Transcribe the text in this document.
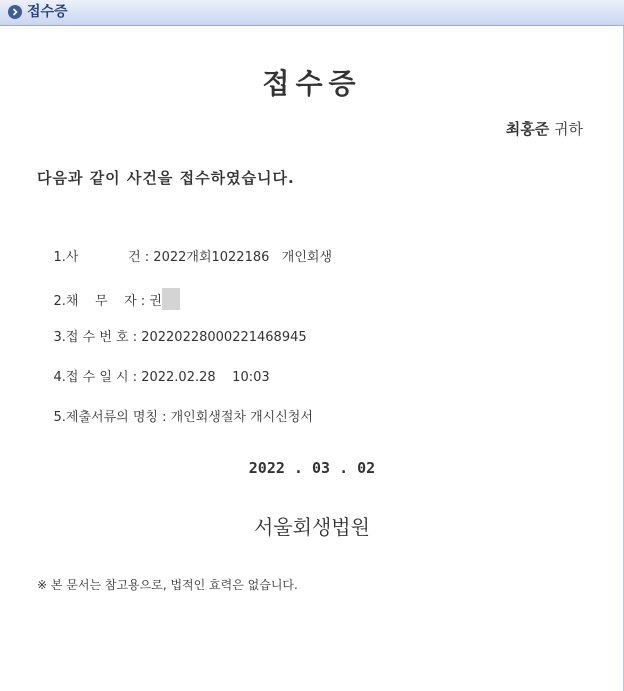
접수증
접수증
최홍준 귀하
다음과 같이 사건을 접수하였습니다.

1.사            건 : 2022개회1022186   개인회생

2.채    무    자 : 권

3.접 수 번 호 : 20220228000221468945

4.접 수 일 시 : 2022.02.28    10:03

5.제출서류의 명칭 : 개인회생절차 개시신청서

2022 . 03 . 02
서울회생법원
※ 본 문서는 참고용으로, 법적인 효력은 없습니다.
